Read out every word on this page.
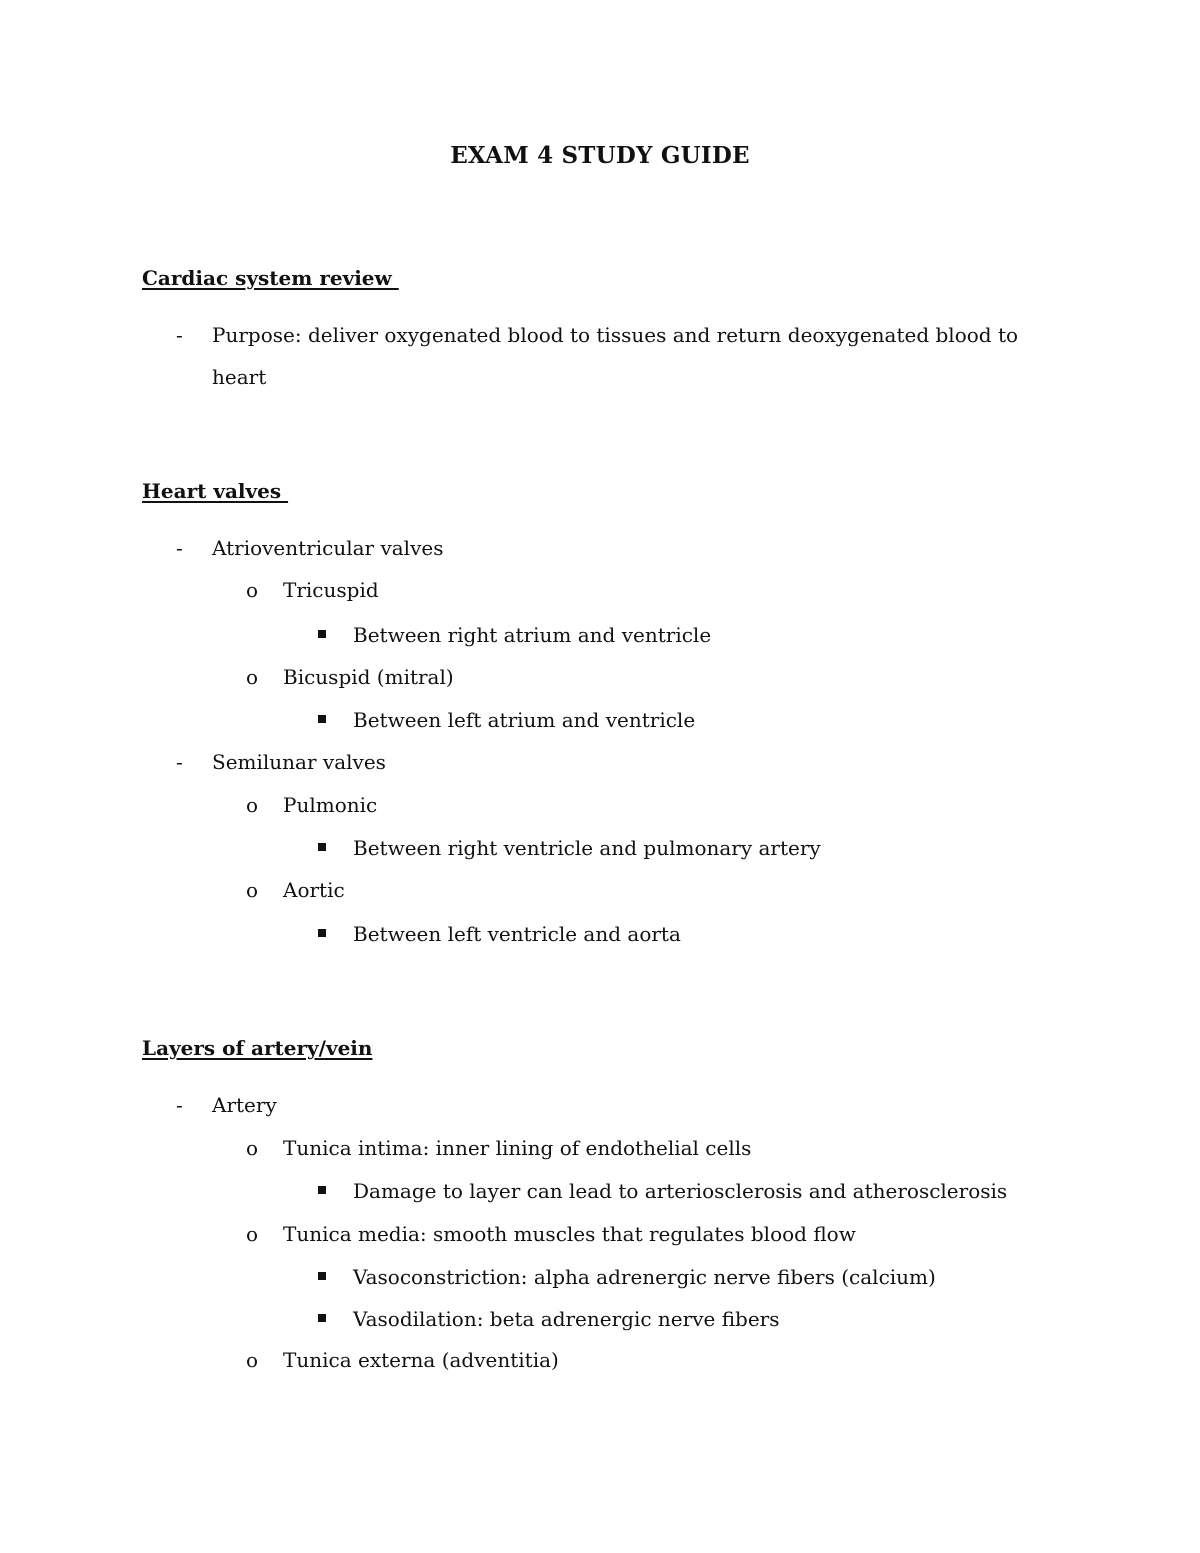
EXAM 4 STUDY GUIDE
Cardiac system review
- Purpose: deliver oxygenated blood to tissues and return deoxygenated blood to
heart
Heart valves
- Atrioventricular valves
o Tricuspid
Between right atrium and ventricle
o Bicuspid (mitral)
Between left atrium and ventricle
- Semilunar valves
o Pulmonic
Between right ventricle and pulmonary artery
o Aortic
Between left ventricle and aorta
Layers of artery/vein
- Artery
o Tunica intima: inner lining of endothelial cells
Damage to layer can lead to arteriosclerosis and atherosclerosis
o Tunica media: smooth muscles that regulates blood flow
Vasoconstriction: alpha adrenergic nerve fibers (calcium)
Vasodilation: beta adrenergic nerve fibers
o Tunica externa (adventitia)
